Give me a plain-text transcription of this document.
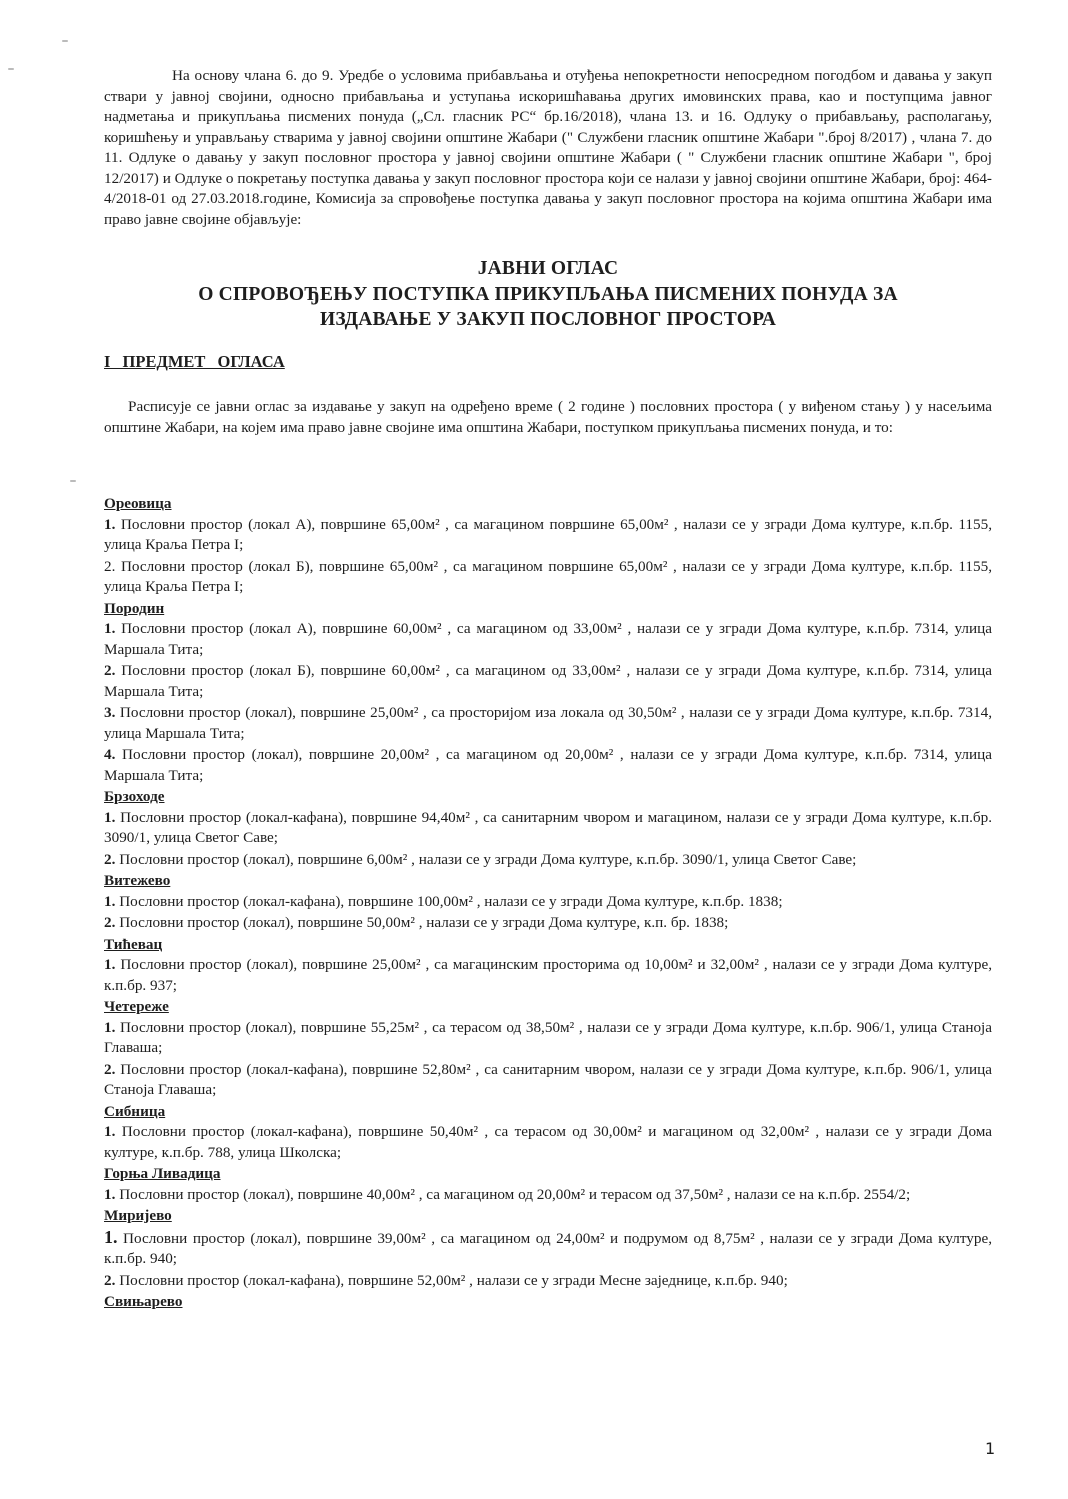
На основу члана 6. до 9. Уредбе о условима прибављања и отуђења непокретности непосредном погодбом и давања у закуп ствари у јавној својини, односно прибављања и уступања искоришћавања других имовинских права, као и поступцима јавног надметања и прикупљања писмених понуда („Сл. гласник РС“ бр.16/2018), члана 13. и 16. Одлуку о прибављању, располагању, коришћењу и управљању стварима у јавној својини општине Жабари (" Службени гласник општине Жабари ".број 8/2017) , члана 7. до 11. Одлуке о давању у закуп пословног простора у јавној својини општине Жабари ( " Службени гласник општине Жабари ", број 12/2017) и Одлуке о покретању поступка давања у закуп пословног простора који се налази у јавној својини општине Жабари, број: 464-4/2018-01 од 27.03.2018.године, Комисија за спровођење поступка давања у закуп пословног простора на којима општина Жабари има право јавне својине објављује:

ЈАВНИ ОГЛАС
О СПРОВОЂЕЊУ ПОСТУПКА ПРИКУПЉАЊА ПИСМЕНИХ ПОНУДА ЗА
ИЗДАВАЊЕ У ЗАКУП ПОСЛОВНОГ ПРОСТОРА
I ПРЕДМЕТ ОГЛАСА

Расписује се јавни оглас за издавање у закуп на одређено време ( 2 године ) пословних простора ( у виђеном стању ) у насељима општине Жабари, на којем има право јавне својине има општина Жабари, поступком прикупљања писмених понуда, и то:

Ореовица
1. Пословни простор (локал А), површине 65,00м² , са магацином површине 65,00м² , налази се у згради Дома културе, к.п.бр. 1155, улица Краља Петра I;
2. Пословни простор (локал Б), површине 65,00м² , са магацином површине 65,00м² , налази се у згради Дома културе, к.п.бр. 1155, улица Краља Петра I;
Породин
1. Пословни простор (локал А), површине 60,00м² , са магацином од 33,00м² , налази се у згради Дома културе, к.п.бр. 7314, улица Маршала Тита;
2. Пословни простор (локал Б), површине 60,00м² , са магацином од 33,00м² , налази се у згради Дома културе, к.п.бр. 7314, улица Маршала Тита;
3. Пословни простор (локал), површине 25,00м² , са просторијом иза локала од 30,50м² , налази се у згради Дома културе, к.п.бр. 7314, улица Маршала Тита;
4. Пословни простор (локал), површине 20,00м² , са магацином од 20,00м² , налази се у згради Дома културе, к.п.бр. 7314, улица Маршала Тита;
Брзоходе
1. Пословни простор (локал-кафана), површине 94,40м² , са санитарним чвором и магацином, налази се у згради Дома културе, к.п.бр. 3090/1, улица Светог Саве;
2. Пословни простор (локал), површине 6,00м² , налази се у згради Дома културе, к.п.бр. 3090/1, улица Светог Саве;
Витежево
1. Пословни простор (локал-кафана), површине 100,00м² , налази се у згради Дома културе, к.п.бр. 1838;
2. Пословни простор (локал), површине 50,00м² , налази се у згради Дома културе, к.п. бр. 1838;
Тићевац
1. Пословни простор (локал), површине 25,00м² , са магацинским просторима од 10,00м² и 32,00м² , налази се у згради Дома културе, к.п.бр. 937;
Четереже
1. Пословни простор (локал), површине 55,25м² , са терасом од 38,50м² , налази се у згради Дома културе, к.п.бр. 906/1, улица Станоја Главаша;
2. Пословни простор (локал-кафана), површине 52,80м² , са санитарним чвором, налази се у згради Дома културе, к.п.бр. 906/1, улица Станоја Главаша;
Сибница
1. Пословни простор (локал-кафана), површине 50,40м² , са терасом од 30,00м² и магацином од 32,00м² , налази се у згради Дома културе, к.п.бр. 788, улица Школска;
Горња Ливадица
1. Пословни простор (локал), површине 40,00м² , са магацином од 20,00м² и терасом од 37,50м² , налази се на к.п.бр. 2554/2;
Миријево
1. Пословни простор (локал), површине 39,00м² , са магацином од 24,00м² и подрумом од 8,75м² , налази се у згради Дома културе, к.п.бр. 940;
2. Пословни простор (локал-кафана), површине 52,00м² , налази се у згради Месне заједнице, к.п.бр. 940;
Свињарево
1
